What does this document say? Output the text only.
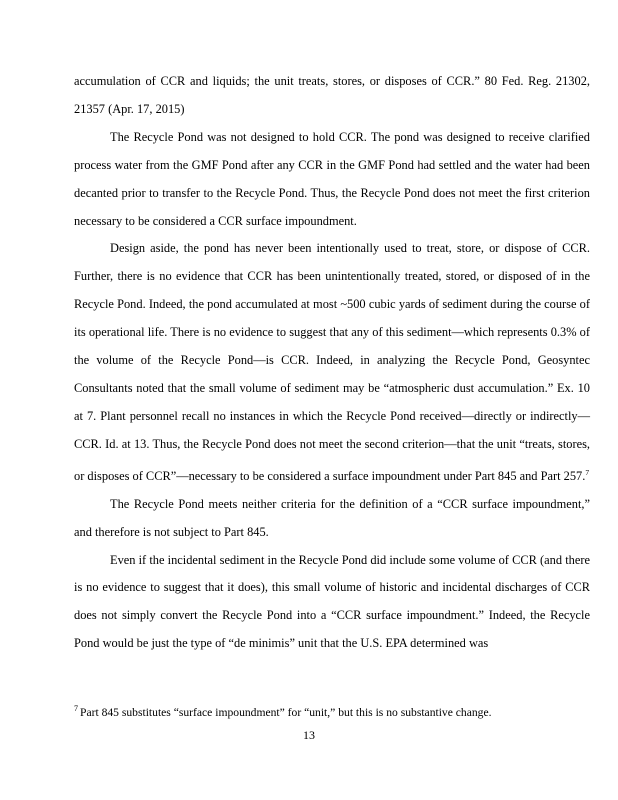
accumulation of CCR and liquids; the unit treats, stores, or disposes of CCR.” 80 Fed. Reg. 21302, 21357 (Apr. 17, 2015)

The Recycle Pond was not designed to hold CCR. The pond was designed to receive clarified process water from the GMF Pond after any CCR in the GMF Pond had settled and the water had been decanted prior to transfer to the Recycle Pond. Thus, the Recycle Pond does not meet the first criterion necessary to be considered a CCR surface impoundment.

Design aside, the pond has never been intentionally used to treat, store, or dispose of CCR. Further, there is no evidence that CCR has been unintentionally treated, stored, or disposed of in the Recycle Pond. Indeed, the pond accumulated at most ~500 cubic yards of sediment during the course of its operational life. There is no evidence to suggest that any of this sediment—which represents 0.3% of the volume of the Recycle Pond—is CCR. Indeed, in analyzing the Recycle Pond, Geosyntec Consultants noted that the small volume of sediment may be “atmospheric dust accumulation.” Ex. 10 at 7. Plant personnel recall no instances in which the Recycle Pond received—directly or indirectly—CCR. Id. at 13. Thus, the Recycle Pond does not meet the second criterion—that the unit “treats, stores, or disposes of CCR”—necessary to be considered a surface impoundment under Part 845 and Part 257.$^7$

The Recycle Pond meets neither criteria for the definition of a “CCR surface impoundment,” and therefore is not subject to Part 845.

Even if the incidental sediment in the Recycle Pond did include some volume of CCR (and there is no evidence to suggest that it does), this small volume of historic and incidental discharges of CCR does not simply convert the Recycle Pond into a “CCR surface impoundment.” Indeed, the Recycle Pond would be just the type of “de minimis” unit that the U.S. EPA determined was

$^7$ Part 845 substitutes “surface impoundment” for “unit,” but this is no substantive change.
13
